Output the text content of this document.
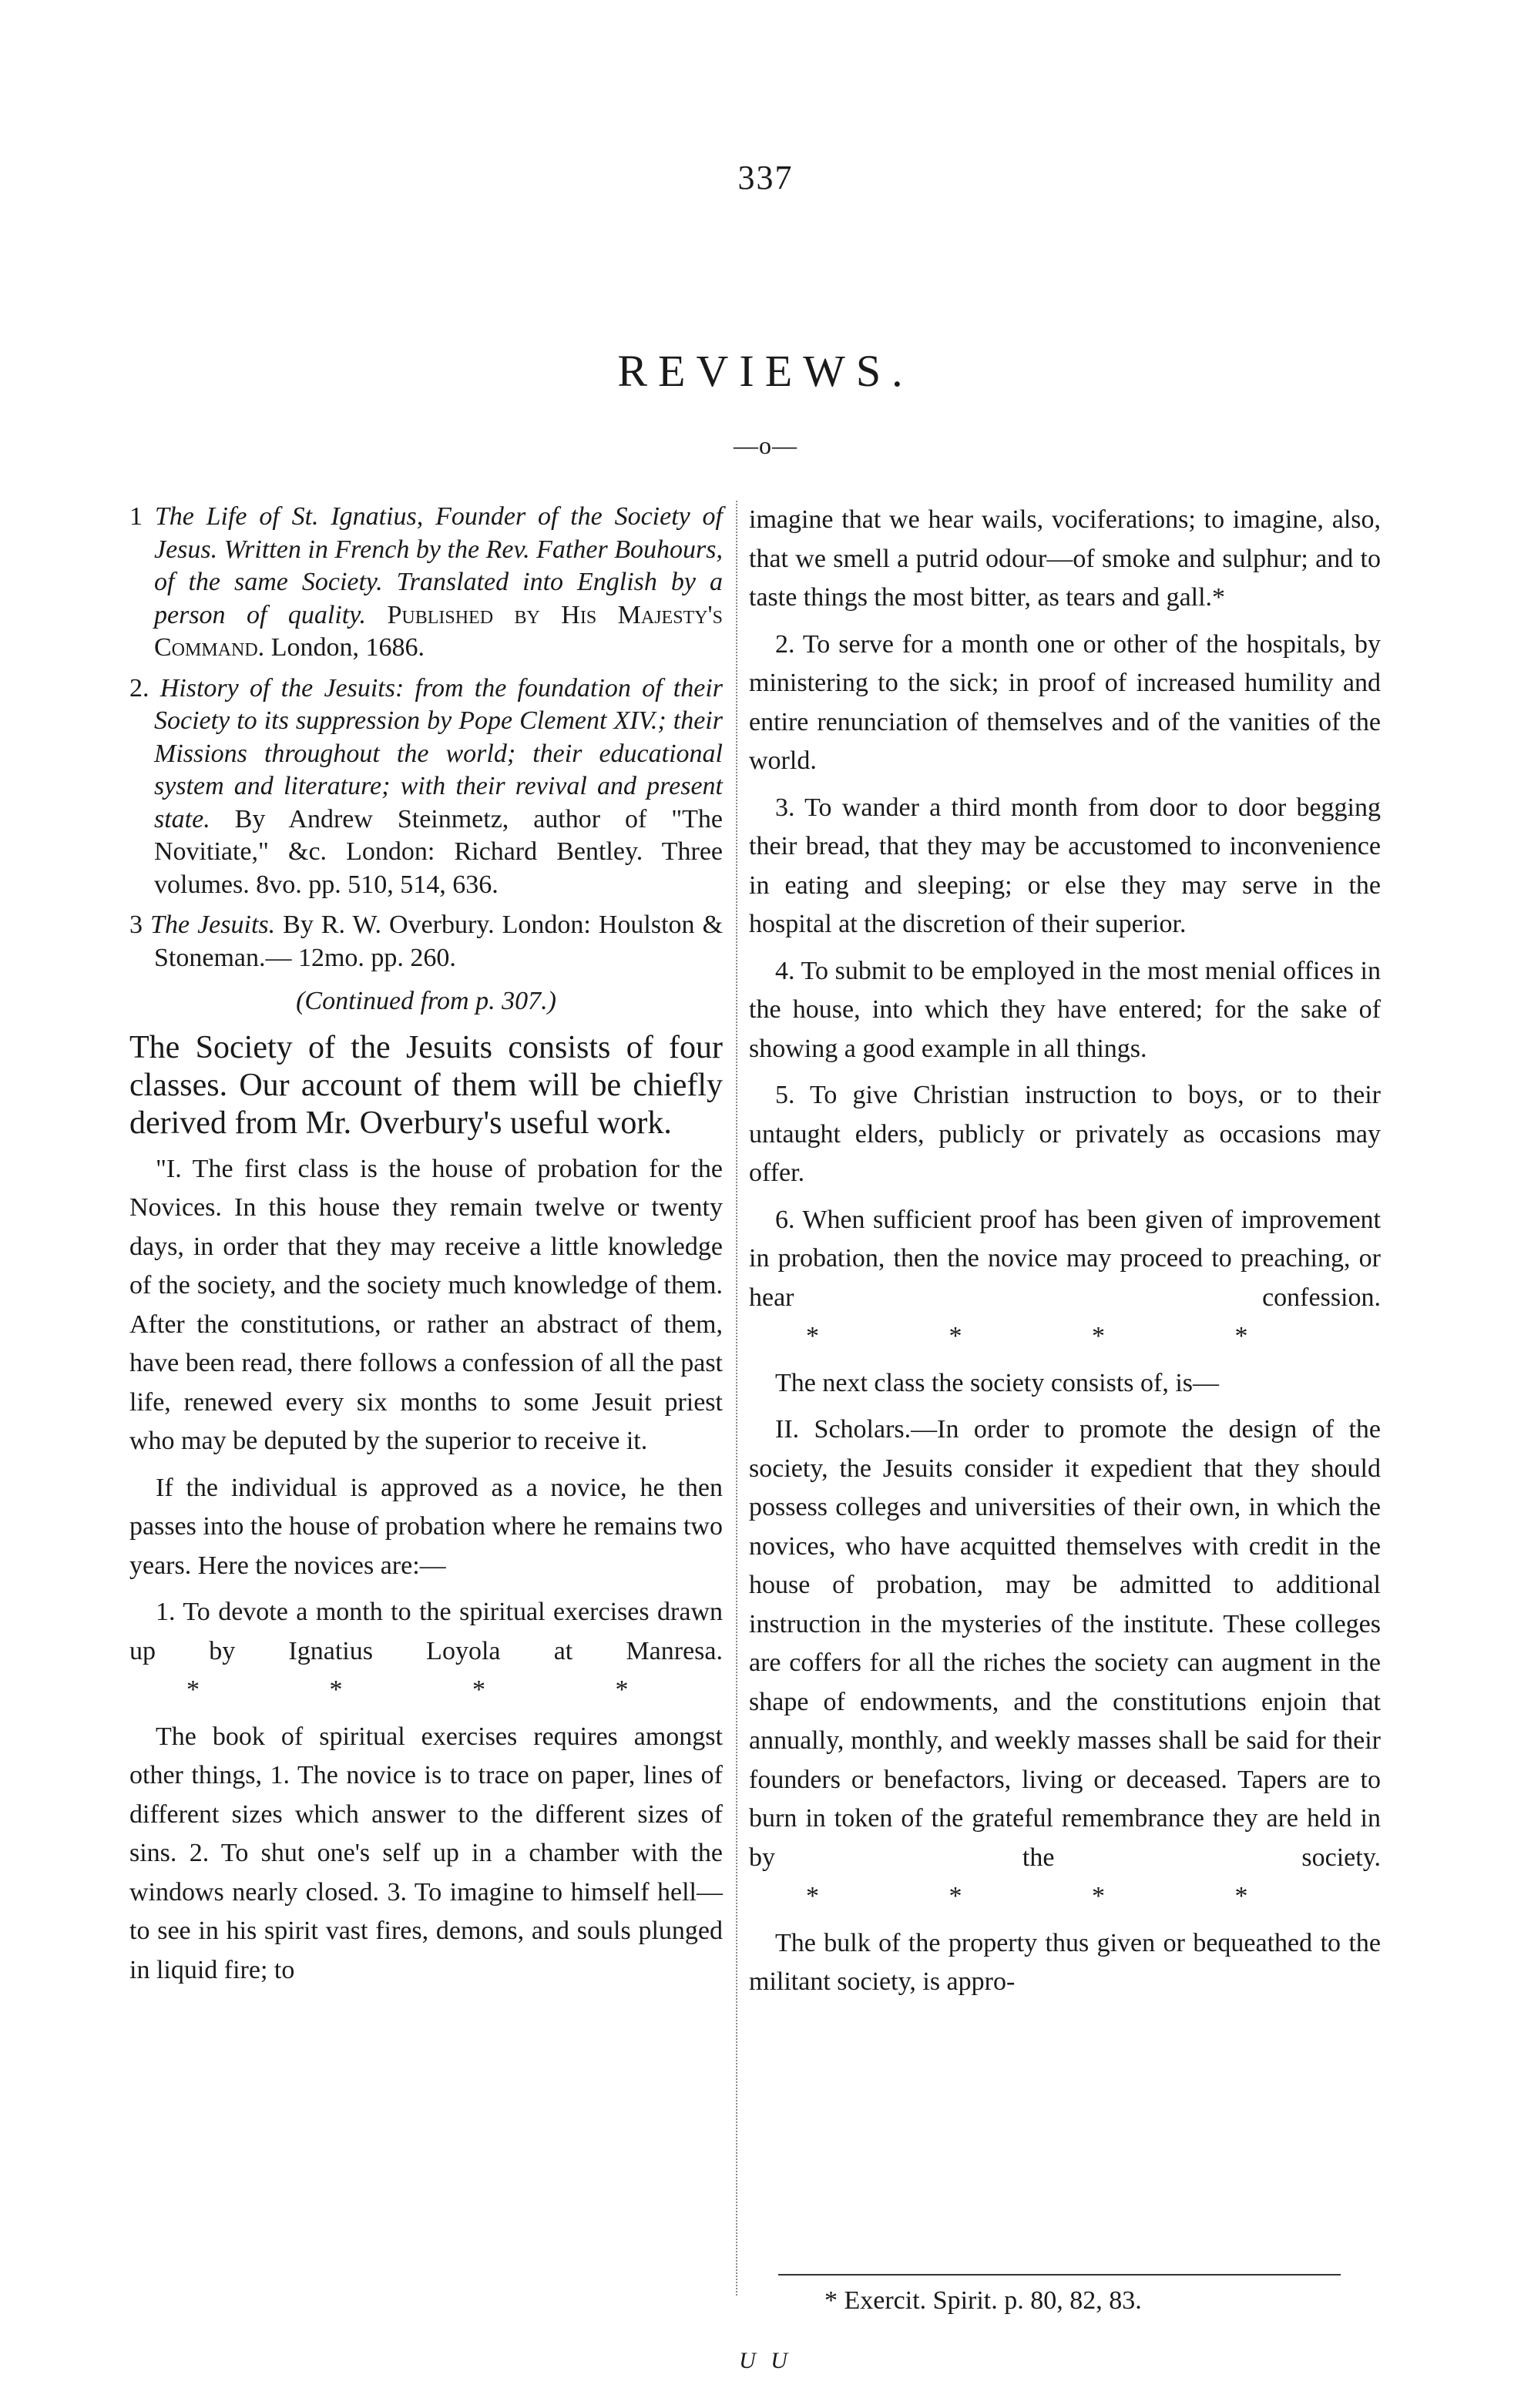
337
REVIEWS.
—o—

1 The Life of St. Ignatius, Founder of the Society of Jesus. Written in French by the Rev. Father Bouhours, of the same Society. Translated into English by a person of quality. Published by His Majesty's Command. London, 1686.

2. History of the Jesuits: from the foundation of their Society to its suppression by Pope Clement XIV.; their Missions throughout the world; their educational system and literature; with their revival and present state. By Andrew Steinmetz, author of "The Novitiate," &c. London: Richard Bentley. Three volumes. 8vo. pp. 510, 514, 636.

3 The Jesuits. By R. W. Overbury. London: Houlston & Stoneman.— 12mo. pp. 260.

(Continued from p. 307.)

The Society of the Jesuits consists of four classes. Our account of them will be chiefly derived from Mr. Overbury's useful work.

"I. The first class is the house of probation for the Novices. In this house they remain twelve or twenty days, in order that they may receive a little knowledge of the society, and the society much knowledge of them. After the constitutions, or rather an abstract of them, have been read, there follows a confession of all the past life, renewed every six months to some Jesuit priest who may be deputed by the superior to receive it.

If the individual is approved as a novice, he then passes into the house of probation where he remains two years. Here the novices are:—

1. To devote a month to the spiritual exercises drawn up by Ignatius Loyola at Manresa.* * * *

The book of spiritual exercises requires amongst other things, 1. The novice is to trace on paper, lines of different sizes which answer to the different sizes of sins. 2. To shut one's self up in a chamber with the windows nearly closed. 3. To imagine to himself hell—to see in his spirit vast fires, demons, and souls plunged in liquid fire; to

imagine that we hear wails, vociferations; to imagine, also, that we smell a putrid odour—of smoke and sulphur; and to taste things the most bitter, as tears and gall.*

2. To serve for a month one or other of the hospitals, by ministering to the sick; in proof of increased humility and entire renunciation of themselves and of the vanities of the world.

3. To wander a third month from door to door begging their bread, that they may be accustomed to inconvenience in eating and sleeping; or else they may serve in the hospital at the discretion of their superior.

4. To submit to be employed in the most menial offices in the house, into which they have entered; for the sake of showing a good example in all things.

5. To give Christian instruction to boys, or to their untaught elders, publicly or privately as occasions may offer.

6. When sufficient proof has been given of improvement in probation, then the novice may proceed to preaching, or hear confession.* * * *

The next class the society consists of, is—

II. Scholars.—In order to promote the design of the society, the Jesuits consider it expedient that they should possess colleges and universities of their own, in which the novices, who have acquitted themselves with credit in the house of probation, may be admitted to additional instruction in the mysteries of the institute. These colleges are coffers for all the riches the society can augment in the shape of endowments, and the constitutions enjoin that annually, monthly, and weekly masses shall be said for their founders or benefactors, living or deceased. Tapers are to burn in token of the grateful remembrance they are held in by the society.* * * *

The bulk of the property thus given or bequeathed to the militant society, is appro-

* Exercit. Spirit. p. 80, 82, 83.
U U
